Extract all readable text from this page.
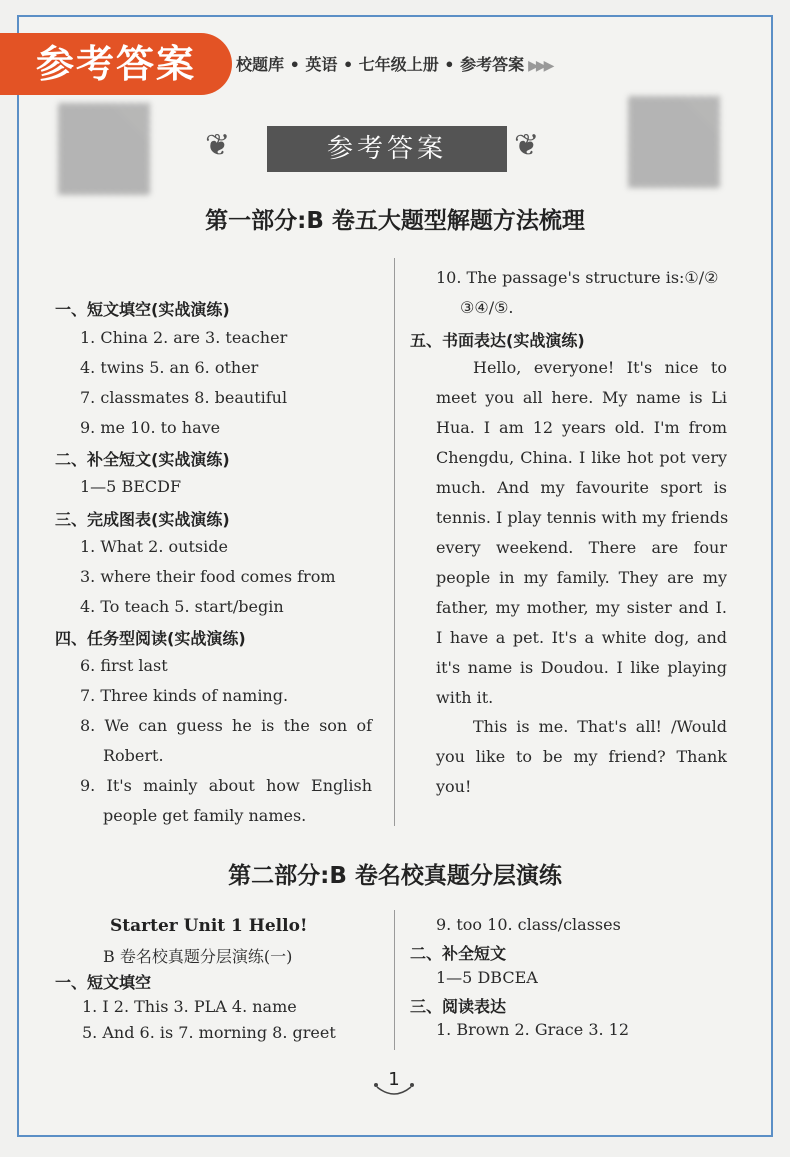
参考答案	校题库 • 英语 • 七年级上册 • 参考答案 ▶▶▶
❦	参考答案	❦
第一部分:B 卷五大题型解题方法梳理
一、短文填空(实战演练)
1. China 2. are 3. teacher
4. twins 5. an 6. other
7. classmates 8. beautiful
9. me 10. to have
二、补全短文(实战演练)
1—5 BECDF
三、完成图表(实战演练)
1. What 2. outside
3. where their food comes from
4. To teach 5. start/begin
四、任务型阅读(实战演练)
6. first last
7. Three kinds of naming.
8. We can guess he is the son of
Robert.
9. It's mainly about how English
people get family names.
10. The passage's structure is:①/②
③④/⑤.
五、书面表达(实战演练)
Hello, everyone! It's nice to
meet you all here. My name is Li
Hua. I am 12 years old. I'm from
Chengdu, China. I like hot pot very
much. And my favourite sport is
tennis. I play tennis with my friends
every weekend. There are four
people in my family. They are my
father, my mother, my sister and I.
I have a pet. It's a white dog, and
it's name is Doudou. I like playing
with it.
This is me. That's all! /Would
you like to be my friend? Thank
you!
第二部分:B 卷名校真题分层演练
Starter Unit 1 Hello!
B 卷名校真题分层演练(一)
一、短文填空
1. I 2. This 3. PLA 4. name
5. And 6. is 7. morning 8. greet
9. too 10. class/classes
二、补全短文
1—5 DBCEA
三、阅读表达
1. Brown 2. Grace 3. 12
1
